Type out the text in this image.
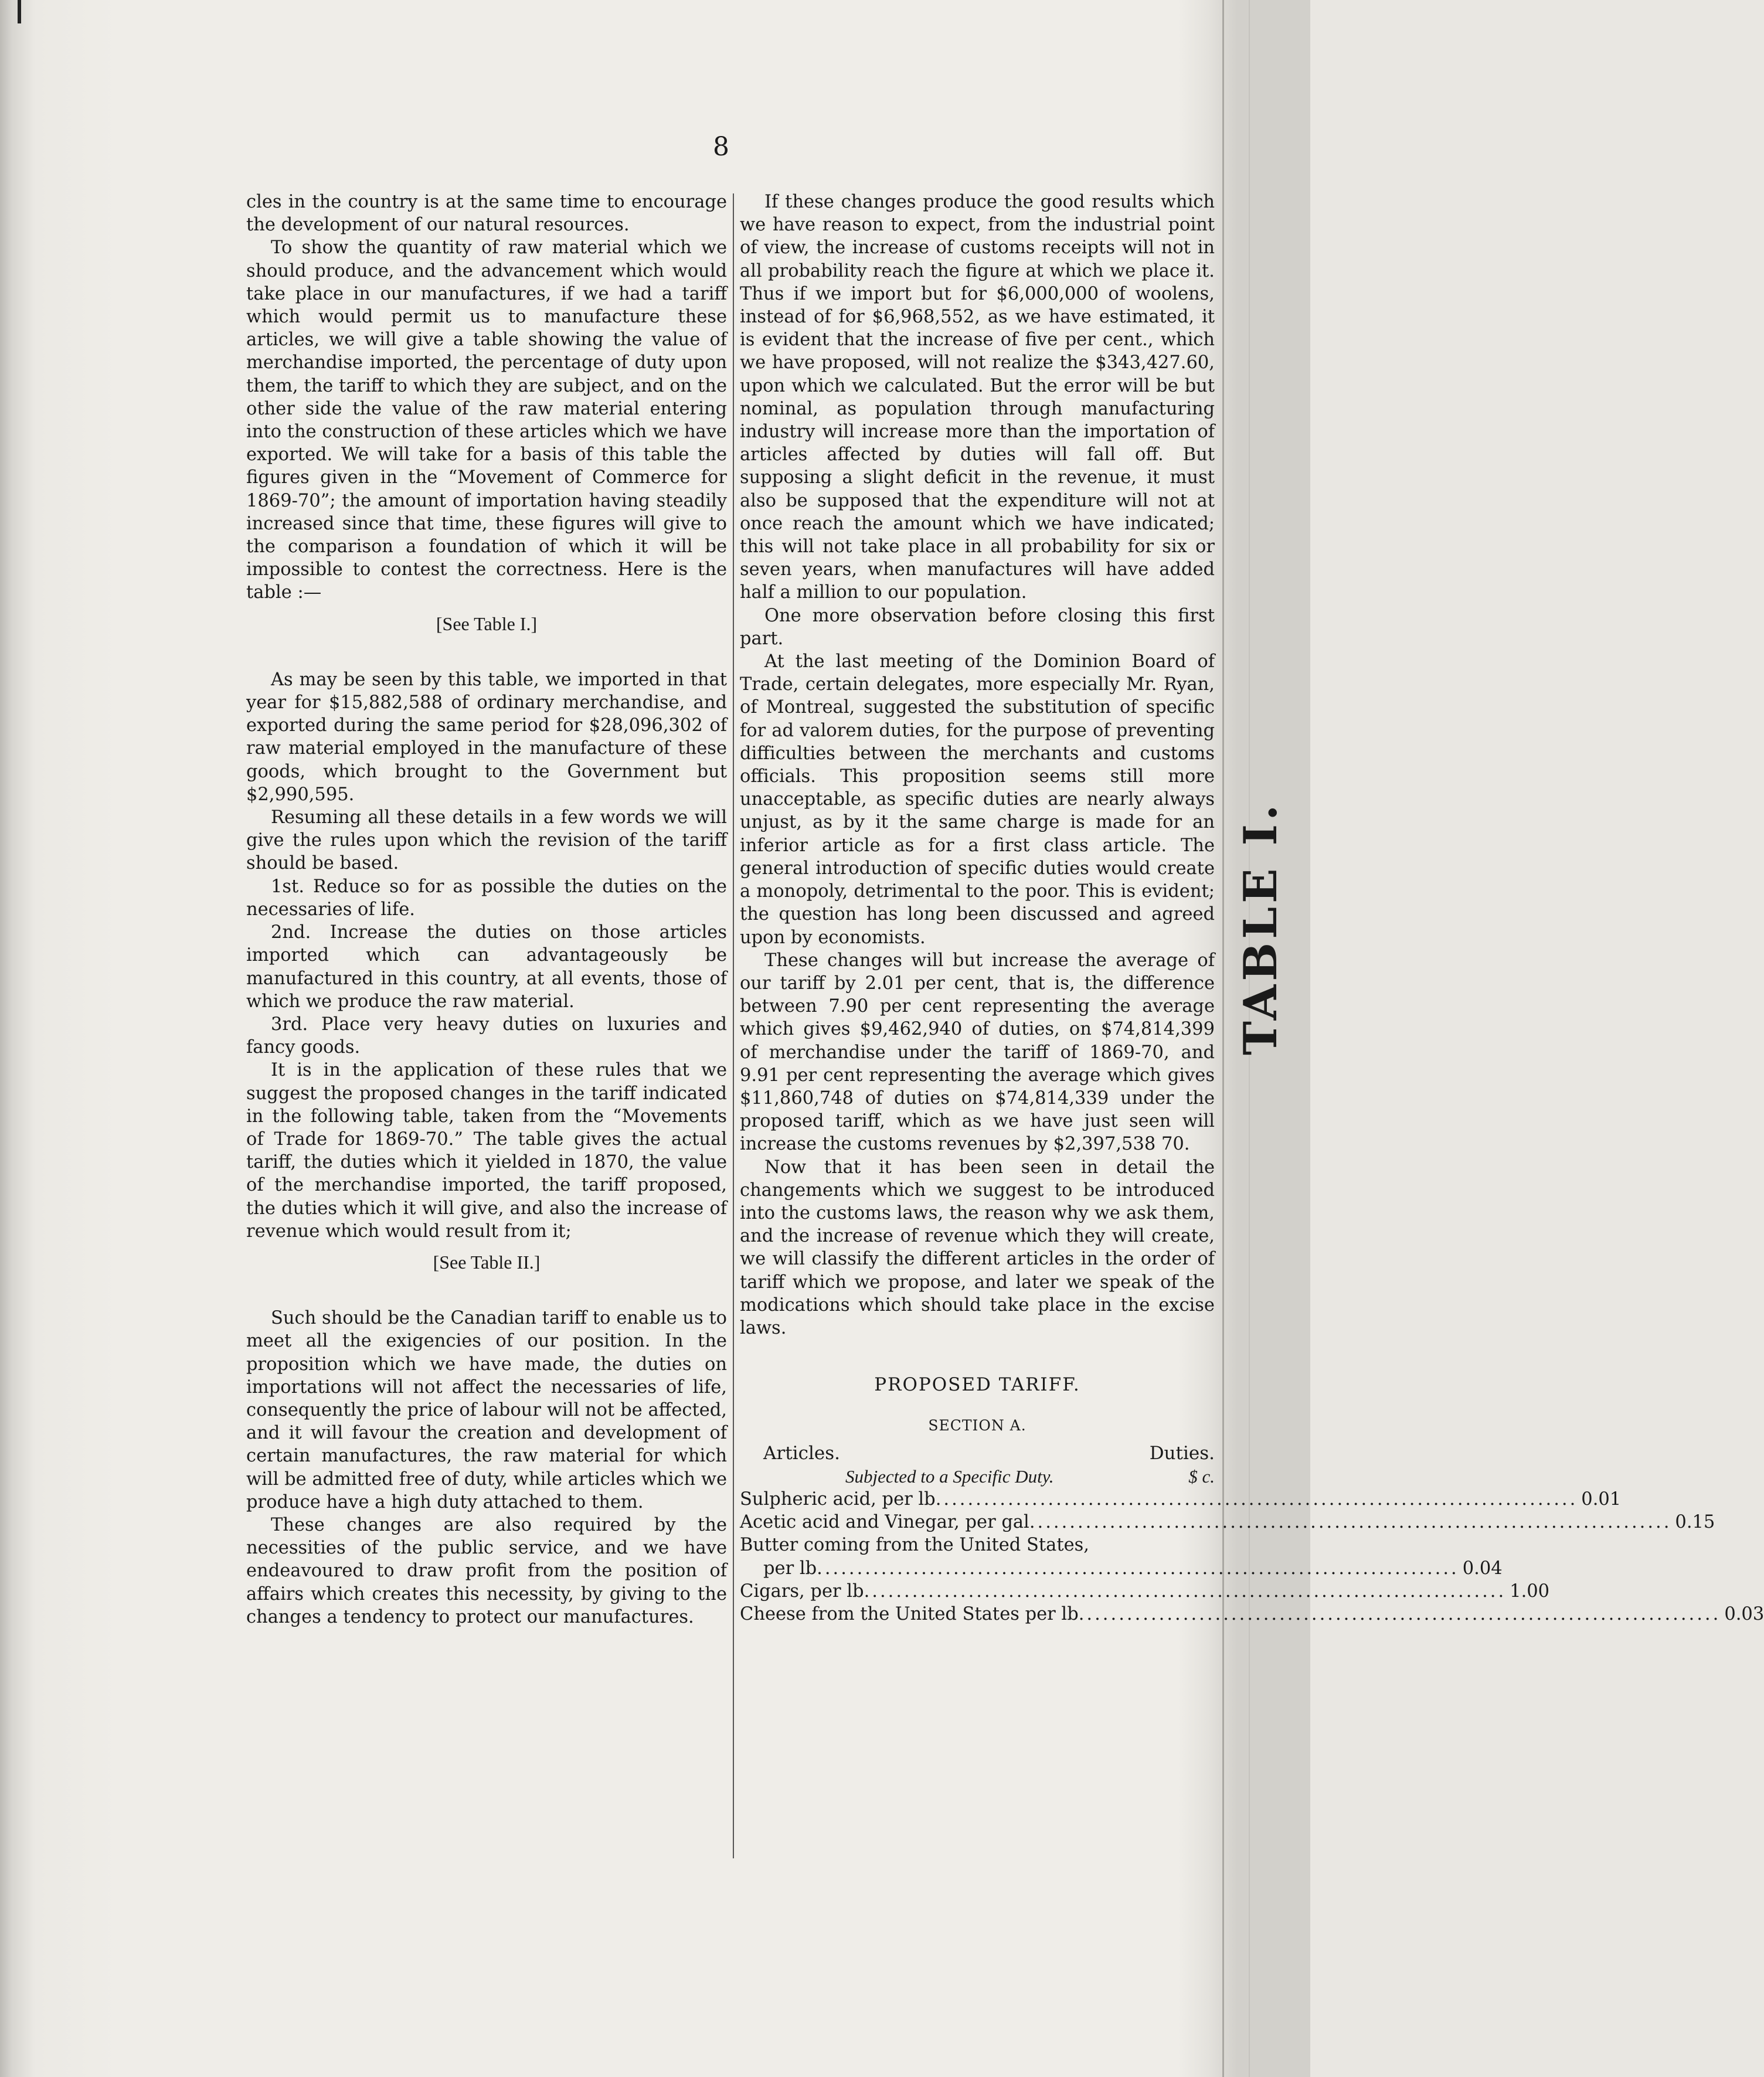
8

cles in the country is at the same time to encourage the development of our natural resources.

To show the quantity of raw material which we should produce, and the advancement which would take place in our manufactures, if we had a tariff which would permit us to manufacture these articles, we will give a table showing the value of merchandise imported, the percentage of duty upon them, the tariff to which they are subject, and on the other side the value of the raw material entering into the construction of these articles which we have exported. We will take for a basis of this table the figures given in the “Movement of Commerce for 1869-70”; the amount of importation having steadily increased since that time, these figures will give to the comparison a foundation of which it will be impossible to contest the correctness. Here is the table :—

[See Table I.]

As may be seen by this table, we imported in that year for $15,882,588 of ordinary merchandise, and exported during the same period for $28,096,302 of raw material employed in the manufacture of these goods, which brought to the Government but $2,990,595.

Resuming all these details in a few words we will give the rules upon which the revision of the tariff should be based.

1st. Reduce so for as possible the duties on the necessaries of life.

2nd. Increase the duties on those articles imported which can advantageously be manufactured in this country, at all events, those of which we produce the raw material.

3rd. Place very heavy duties on luxuries and fancy goods.

It is in the application of these rules that we suggest the proposed changes in the tariff indicated in the following table, taken from the “Movements of Trade for 1869-70.” The table gives the actual tariff, the duties which it yielded in 1870, the value of the merchandise imported, the tariff proposed, the duties which it will give, and also the increase of revenue which would result from it;

[See Table II.]

Such should be the Canadian tariff to enable us to meet all the exigencies of our position. In the proposition which we have made, the duties on importations will not affect the necessaries of life, consequently the price of labour will not be affected, and it will favour the creation and development of certain manufactures, the raw material for which will be admitted free of duty, while articles which we produce have a high duty attached to them.

These changes are also required by the necessities of the public service, and we have endeavoured to draw profit from the position of affairs which creates this necessity, by giving to the changes a tendency to protect our manufactures.

If these changes produce the good results which we have reason to expect, from the industrial point of view, the increase of customs receipts will not in all probability reach the figure at which we place it. Thus if we import but for $6,000,000 of woolens, instead of for $6,968,552, as we have estimated, it is evident that the increase of five per cent., which we have proposed, will not realize the $343,427.60, upon which we calculated. But the error will be but nominal, as population through manufacturing industry will increase more than the importation of articles affected by duties will fall off. But supposing a slight deficit in the revenue, it must also be supposed that the expenditure will not at once reach the amount which we have indicated; this will not take place in all probability for six or seven years, when manufactures will have added half a million to our population.

One more observation before closing this first part.

At the last meeting of the Dominion Board of Trade, certain delegates, more especially Mr. Ryan, of Montreal, suggested the substitution of specific for ad valorem duties, for the purpose of preventing difficulties between the merchants and customs officials. This proposition seems still more unacceptable, as specific duties are nearly always unjust, as by it the same charge is made for an inferior article as for a first class article. The general introduction of specific duties would create a monopoly, detrimental to the poor. This is evident; the question has long been discussed and agreed upon by economists.

These changes will but increase the average of our tariff by 2.01 per cent, that is, the difference between 7.90 per cent representing the average which gives $9,462,940 of duties, on $74,814,399 of merchandise under the tariff of 1869-70, and 9.91 per cent representing the average which gives $11,860,748 of duties on $74,814,339 under the proposed tariff, which as we have just seen will increase the customs revenues by $2,397,538 70.

Now that it has been seen in detail the changements which we suggest to be introduced into the customs laws, the reason why we ask them, and the increase of revenue which they will create, we will classify the different articles in the order of tariff which we propose, and later we speak of the modications which should take place in the excise laws.

PROPOSED TARIFF.
SECTION A.
Articles.	Duties.
Subjected to a Specific Duty.	$ c.
Sulpheric acid, per lb ................................................................................ 0.01
Acetic acid and Vinegar, per gal ................................................................................ 0.15
Butter coming from the United States,
per lb ................................................................................ 0.04
Cigars, per lb ................................................................................ 1.00
Cheese from the United States per lb ................................................................................ 0.03
TABLE I.
